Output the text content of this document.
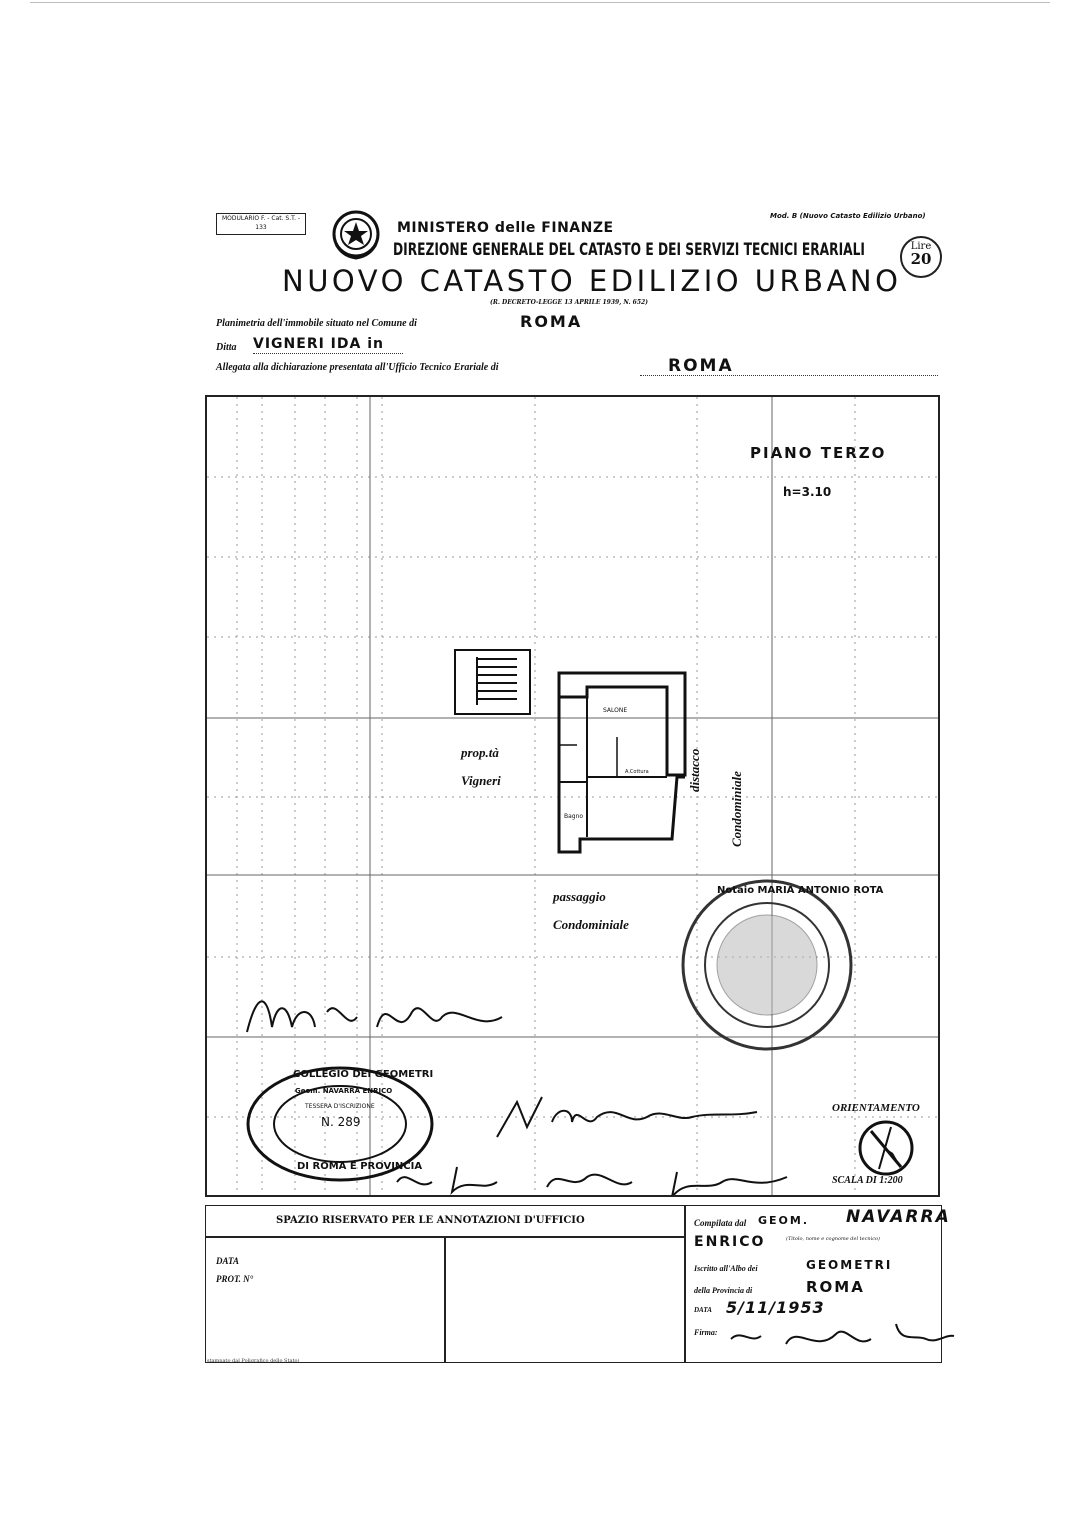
MODULARIO F. - Cat. S.T. - 133	MINISTERO delle FINANZE
Mod. B (Nuovo Catasto Edilizio Urbano)
DIREZIONE GENERALE DEL CATASTO E DEI SERVIZI TECNICI ERARIALI	Lire
20
NUOVO CATASTO EDILIZIO URBANO
(R. DECRETO-LEGGE 13 APRILE 1939, N. 652)
Planimetria dell'immobile situato nel Comune di	ROMA
Ditta VIGNERI IDA in
Allegata alla dichiarazione presentata all'Ufficio Tecnico Erariale di	ROMA
PIANO TERZO
h=3.10
SALONE
A.Cottura
Bagno
prop.tà
Vigneri	distacco
Condominiale
passaggio
Condominiale
Notaio MARIA ANTONIO ROTA
COLLEGIO DEI GEOMETRI
Geom. NAVARRA ENRICO
TESSERA D'ISCRIZIONE
N. 289
DI ROMA E PROVINCIA
ORIENTAMENTO
SCALA DI 1:200
SPAZIO RISERVATO PER LE ANNOTAZIONI D'UFFICIO
DATA
PROT. N°
Compilata dal GEOM. NAVARRA
ENRICO	(Titolo, nome e cognome del tecnico)
Iscritto all'Albo dei	GEOMETRI
della Provincia di	ROMA
DATA 5/11/1953
Firma:
(stampato dal Poligrafico dello Stato)
